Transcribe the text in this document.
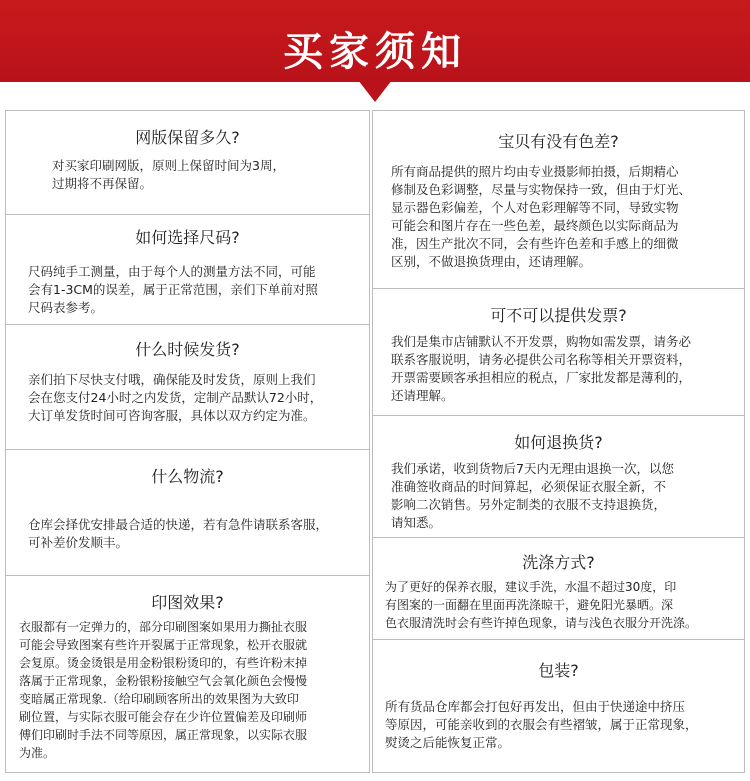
买家须知
网版保留多久?
对买家印刷网版，原则上保留时间为3周，
过期将不再保留。
如何选择尺码?
尺码纯手工测量，由于每个人的测量方法不同，可能
会有1-3CM的误差，属于正常范围，亲们下单前对照
尺码表参考。
什么时候发货?
亲们拍下尽快支付哦，确保能及时发货，原则上我们
会在您支付24小时之内发货，定制产品默认72小时，
大订单发货时间可咨询客服，具体以双方约定为准。
什么物流?
仓库会择优安排最合适的快递，若有急件请联系客服，
可补差价发顺丰。
印图效果?
衣服都有一定弹力的，部分印刷图案如果用力撕扯衣服
可能会导致图案有些许开裂属于正常现象，松开衣服就
会复原。烫金烫银是用金粉银粉烫印的，有些许粉末掉
落属于正常现象，金粉银粉接触空气会氧化颜色会慢慢
变暗属正常现象.（给印刷顾客所出的效果图为大致印
刷位置，与实际衣服可能会存在少许位置偏差及印刷师
傅们印刷时手法不同等原因，属正常现象，以实际衣服
为准。
宝贝有没有色差?
所有商品提供的照片均由专业摄影师拍摄，后期精心
修制及色彩调整，尽量与实物保持一致，但由于灯光、
显示器色彩偏差，个人对色彩理解等不同，导致实物
可能会和图片存在一些色差，最终颜色以实际商品为
准，因生产批次不同，会有些许色差和手感上的细微
区别，不做退换货理由，还请理解。
可不可以提供发票?
我们是集市店铺默认不开发票，购物如需发票，请务必
联系客服说明，请务必提供公司名称等相关开票资料，
开票需要顾客承担相应的税点，厂家批发都是薄利的，
还请理解。
如何退换货?
我们承诺，收到货物后7天内无理由退换一次，以您
准确签收商品的时间算起，必须保证衣服全新，不
影响二次销售。另外定制类的衣服不支持退换货，
请知悉。
洗涤方式?
为了更好的保养衣服，建议手洗，水温不超过30度，印
有图案的一面翻在里面再洗涤晾干，避免阳光暴晒。深
色衣服清洗时会有些许掉色现象，请与浅色衣服分开洗涤。
包装?
所有货品仓库都会打包好再发出，但由于快递途中挤压
等原因，可能亲收到的衣服会有些褶皱，属于正常现象，
熨烫之后能恢复正常。
